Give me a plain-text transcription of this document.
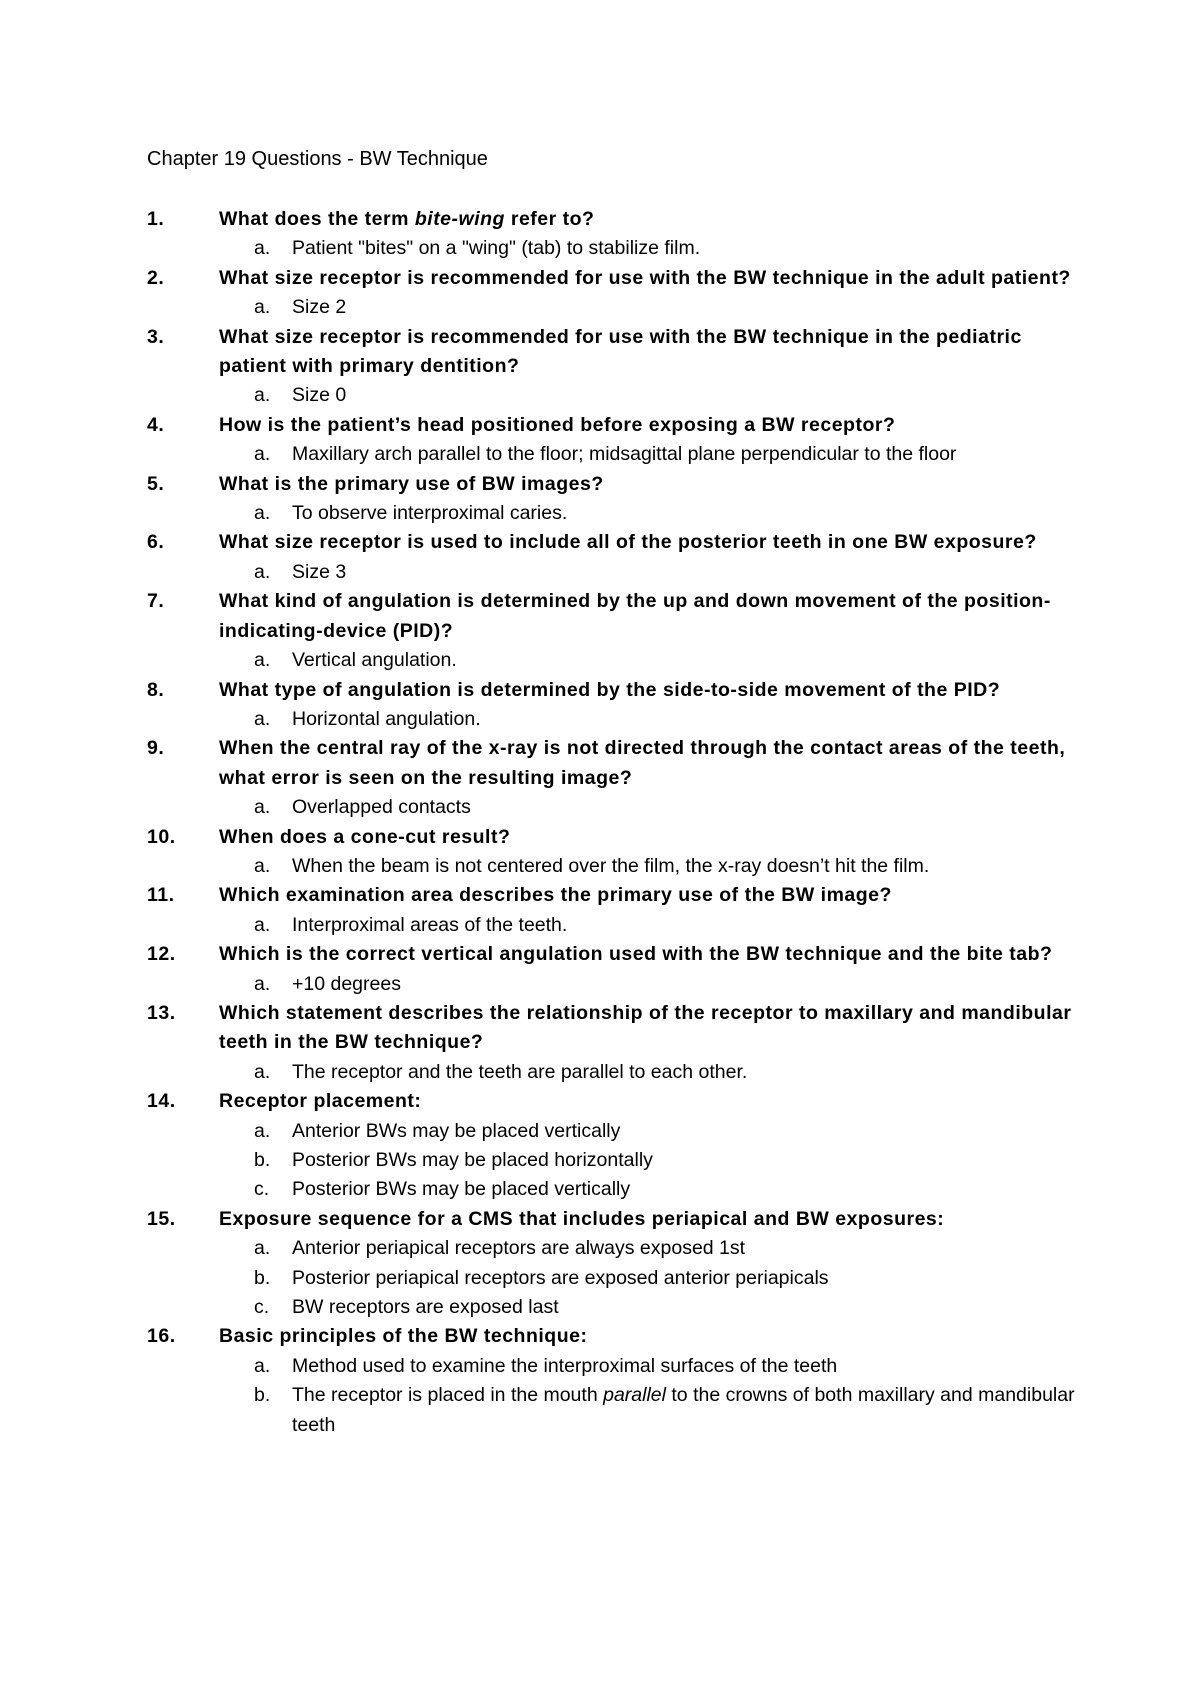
Chapter 19 Questions - BW Technique
1.	What does the term bite-wing refer to?
a. Patient "bites" on a "wing" (tab) to stabilize film.
2.	What size receptor is recommended for use with the BW technique in the adult patient?
a. Size 2
3.	What size receptor is recommended for use with the BW technique in the pediatric patient with primary dentition?
a. Size 0
4.	How is the patient’s head positioned before exposing a BW receptor?
a. Maxillary arch parallel to the floor; midsagittal plane perpendicular to the floor
5.	What is the primary use of BW images?
a. To observe interproximal caries.
6.	What size receptor is used to include all of the posterior teeth in one BW exposure?
a. Size 3
7.	What kind of angulation is determined by the up and down movement of the position-indicating-device (PID)?
a. Vertical angulation.
8.	What type of angulation is determined by the side-to-side movement of the PID?
a. Horizontal angulation.
9.	When the central ray of the x-ray is not directed through the contact areas of the teeth, what error is seen on the resulting image?
a. Overlapped contacts
10.	When does a cone-cut result?
a. When the beam is not centered over the film, the x-ray doesn’t hit the film.
11.	Which examination area describes the primary use of the BW image?
a. Interproximal areas of the teeth.
12.	Which is the correct vertical angulation used with the BW technique and the bite tab?
a. +10 degrees
13.	Which statement describes the relationship of the receptor to maxillary and mandibular teeth in the BW technique?
a. The receptor and the teeth are parallel to each other.
14.	Receptor placement:
a. Anterior BWs may be placed vertically
b. Posterior BWs may be placed horizontally
c. Posterior BWs may be placed vertically
15.	Exposure sequence for a CMS that includes periapical and BW exposures:
a. Anterior periapical receptors are always exposed 1st
b. Posterior periapical receptors are exposed anterior periapicals
c. BW receptors are exposed last
16.	Basic principles of the BW technique:
a. Method used to examine the interproximal surfaces of the teeth
b. The receptor is placed in the mouth parallel to the crowns of both maxillary and mandibular teeth
